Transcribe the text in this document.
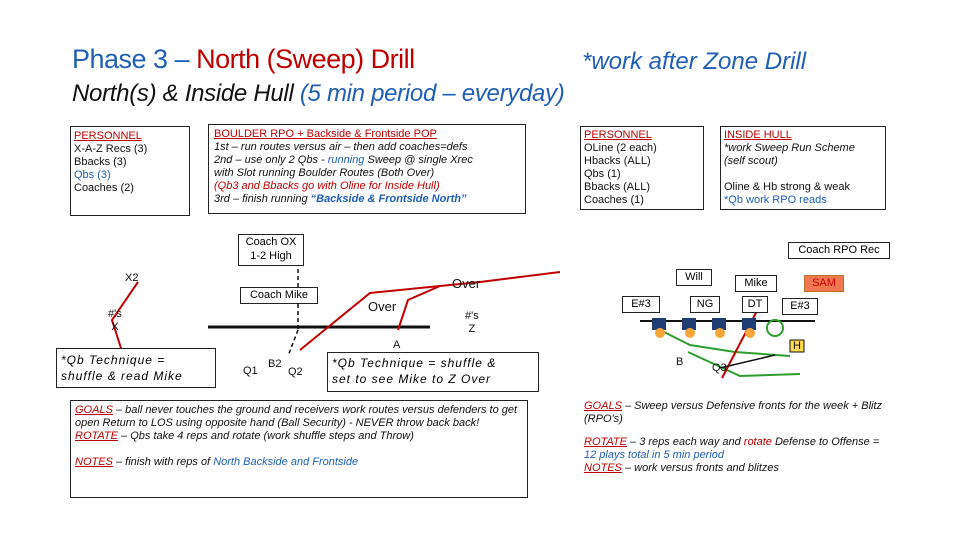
Phase 3 – North (Sweep) Drill	*work after Zone Drill
North(s) & Inside Hull (5 min period – everyday)
PERSONNEL
X-A-Z Recs (3)
Bbacks (3)
Qbs (3)
Coaches (2)
BOULDER RPO + Backside & Frontside POP
1st – run routes versus air – then add coaches=defs
2nd – use only 2 Qbs - running Sweep @ single Xrec
with Slot running Boulder Routes (Both Over)
(Qb3 and Bbacks go with Oline for Inside Hull)
3rd – finish running “Backside & Frontside North”
PERSONNEL
OLine (2 each)
Hbacks (ALL)
Qbs (1)
Bbacks (ALL)
Coaches (1)
INSIDE HULL
*work Sweep Run Scheme
(self scout)
Oline & Hb strong & weak
*Qb work RPO reads
Coach OX
1-2 High
Coach Mike
Over
Over
X2
#'s
X
#'s
Z
A
Q1
B2
Q2
*Qb Technique =
shuffle & read Mike
*Qb Technique = shuffle &
set to see Mike to Z Over
Coach RPO Rec
Will	Mike	SAM
E#3	NG	DT	E#3
H
B	Q3
GOALS – ball never touches the ground and receivers work routes versus defenders to get open Return to LOS using opposite hand (Ball Security) - NEVER throw back back!
ROTATE – Qbs take 4 reps and rotate (work shuffle steps and Throw)
NOTES – finish with reps of North Backside and Frontside
GOALS – Sweep versus Defensive fronts for the week + Blitz (RPO's)
ROTATE – 3 reps each way and rotate Defense to Offense = 12 plays total in 5 min period
NOTES – work versus fronts and blitzes
